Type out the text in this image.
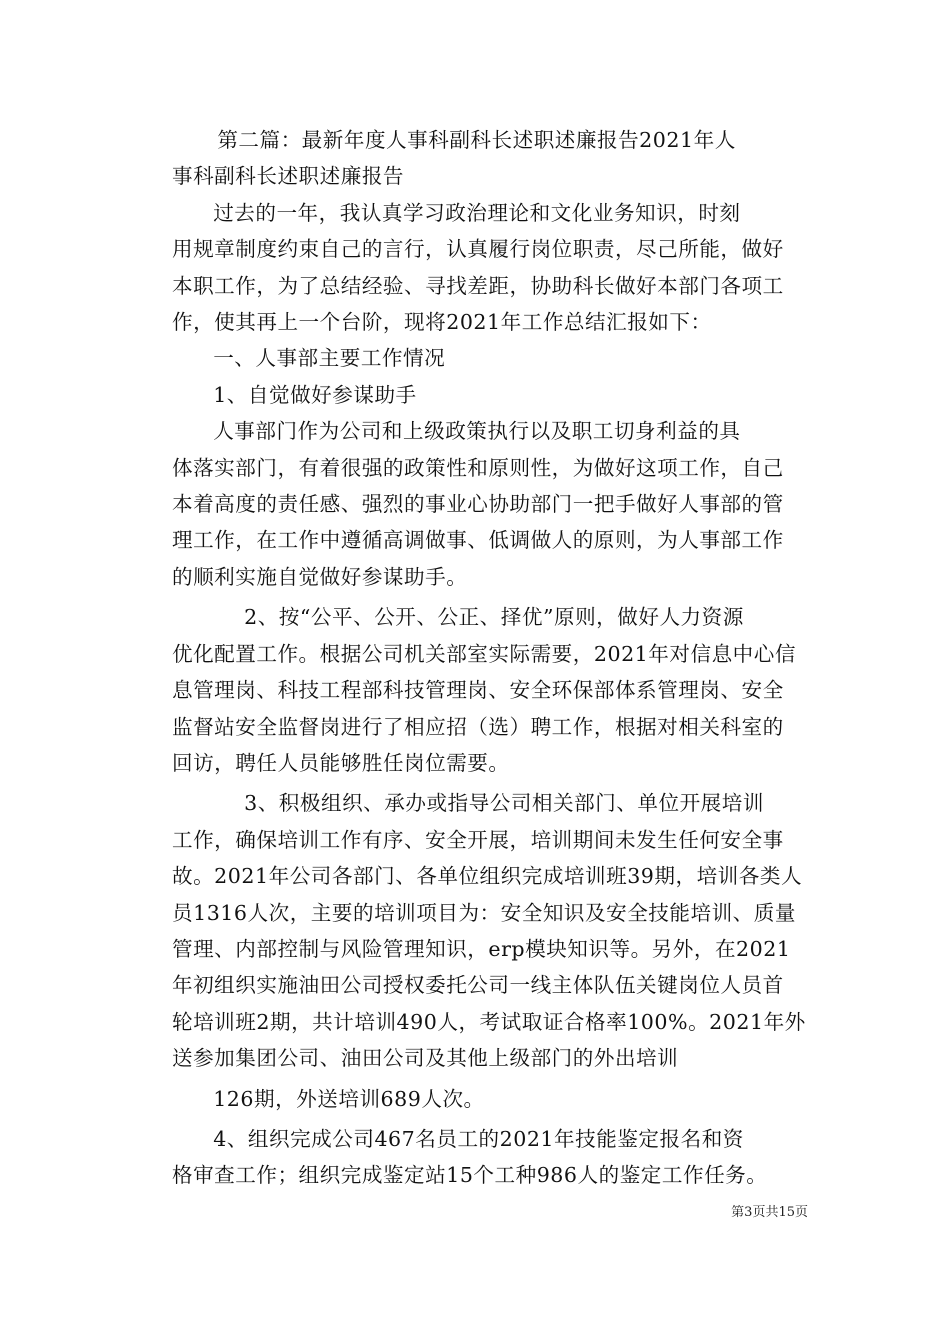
第二篇：最新年度人事科副科长述职述廉报告2021年人
事科副科长述职述廉报告

过去的一年，我认真学习政治理论和文化业务知识，时刻
用规章制度约束自己的言行，认真履行岗位职责，尽己所能，做好
本职工作，为了总结经验、寻找差距，协助科长做好本部门各项工
作，使其再上一个台阶，现将2021年工作总结汇报如下：

一、人事部主要工作情况

1、自觉做好参谋助手

人事部门作为公司和上级政策执行以及职工切身利益的具
体落实部门，有着很强的政策性和原则性，为做好这项工作，自己
本着高度的责任感、强烈的事业心协助部门一把手做好人事部的管
理工作，在工作中遵循高调做事、低调做人的原则，为人事部工作
的顺利实施自觉做好参谋助手。

2、按“公平、公开、公正、择优”原则，做好人力资源
优化配置工作。根据公司机关部室实际需要，2021年对信息中心信
息管理岗、科技工程部科技管理岗、安全环保部体系管理岗、安全
监督站安全监督岗进行了相应招（选）聘工作，根据对相关科室的
回访，聘任人员能够胜任岗位需要。

3、积极组织、承办或指导公司相关部门、单位开展培训
工作，确保培训工作有序、安全开展，培训期间未发生任何安全事
故。2021年公司各部门、各单位组织完成培训班39期，培训各类人
员1316人次，主要的培训项目为：安全知识及安全技能培训、质量
管理、内部控制与风险管理知识，erp模块知识等。另外，在2021
年初组织实施油田公司授权委托公司一线主体队伍关键岗位人员首
轮培训班2期，共计培训490人，考试取证合格率100%。2021年外
送参加集团公司、油田公司及其他上级部门的外出培训

126期，外送培训689人次。

4、组织完成公司467名员工的2021年技能鉴定报名和资
格审查工作；组织完成鉴定站15个工种986人的鉴定工作任务。

第3页共15页
